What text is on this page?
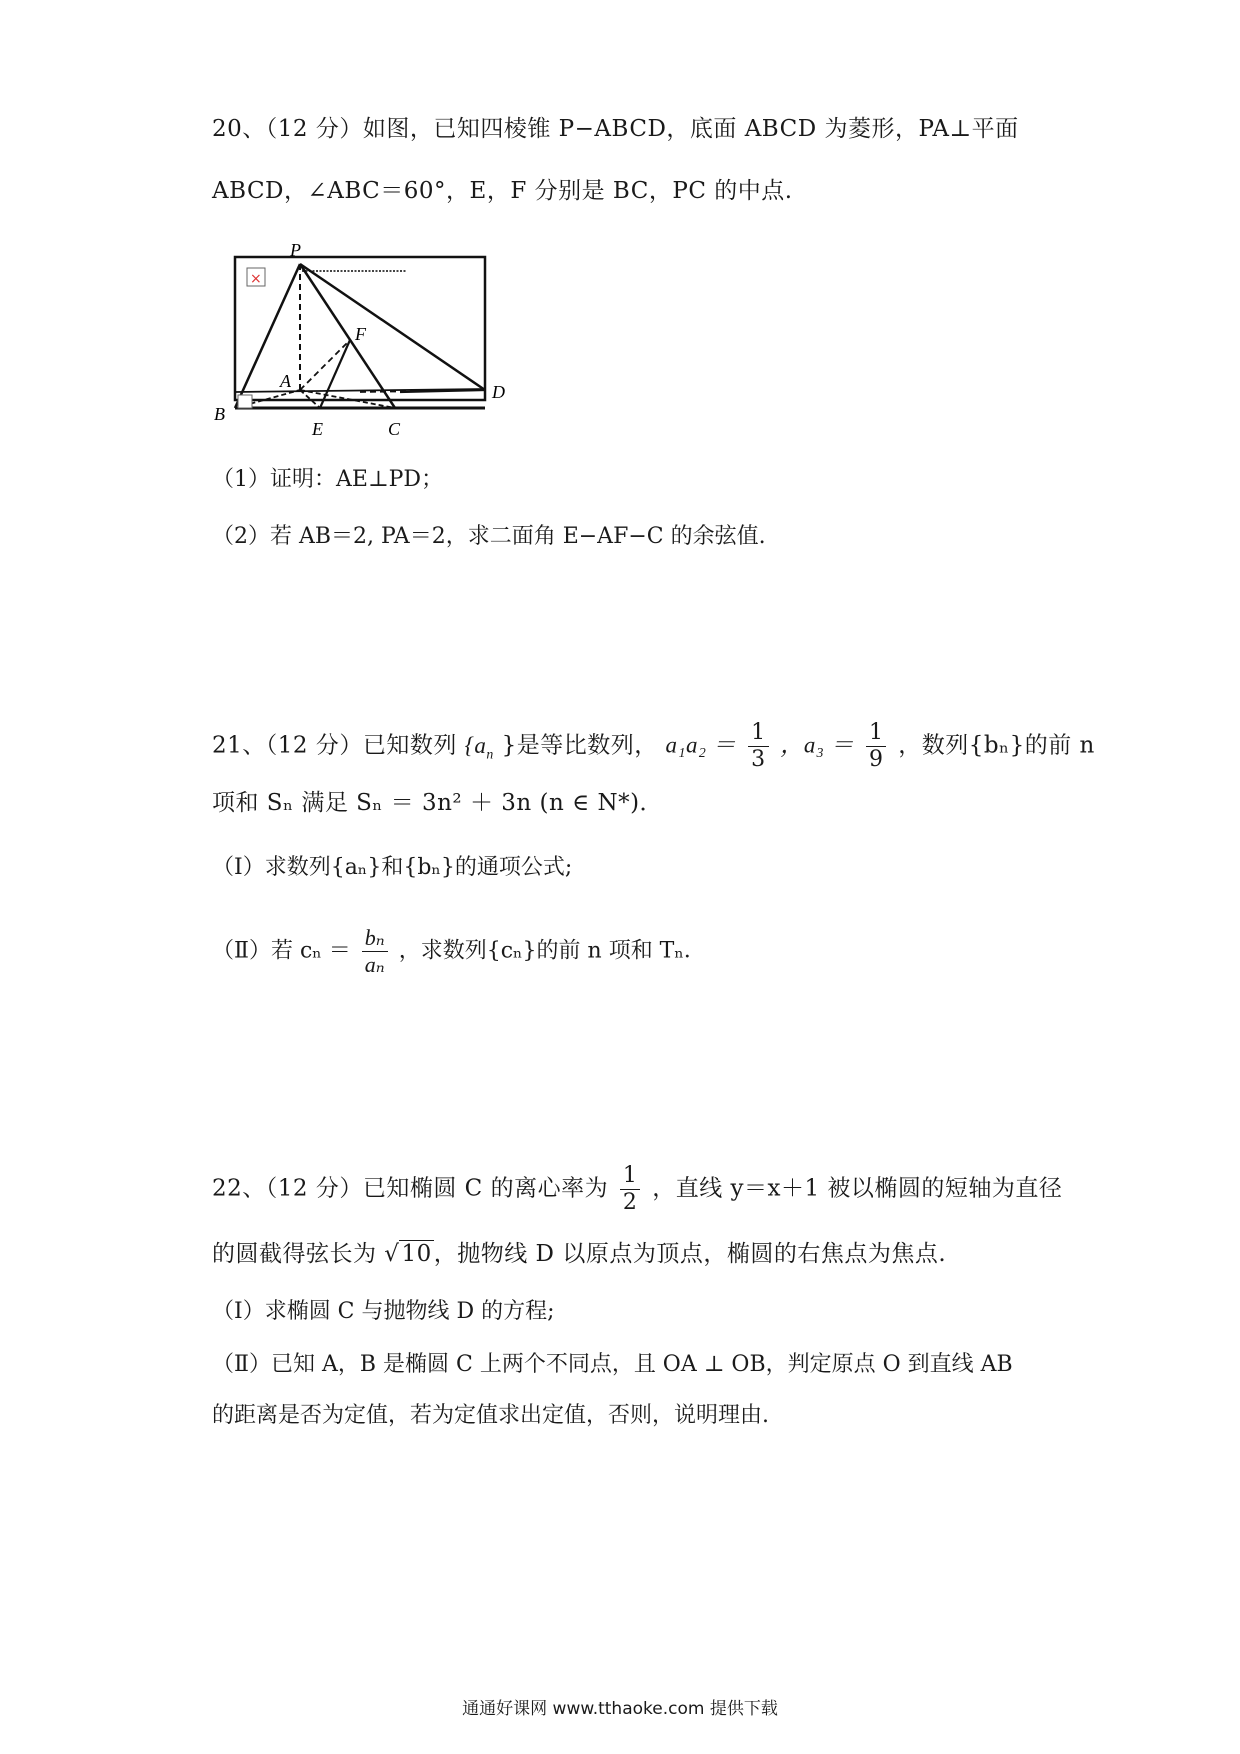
20、（12 分）如图，已知四棱锥 P−ABCD，底面 ABCD 为菱形，PA⊥平面
ABCD，∠ABC＝60°，E，F 分别是 BC，PC 的中点.
×
P
F
A
D
B
E	C
（1）证明：AE⊥PD；
（2）若 AB＝2, PA＝2，求二面角 E−AF−C 的余弦值.
21、（12 分）已知数列 {$a_n$ }是等比数列， $a_1a_2 = \frac{1}{3}$ ，$a_3 = \frac{1}{9}$ ，数列{bₙ}的前 n
项和 Sₙ 满足 Sₙ ＝ 3n² ＋ 3n (n ∈ N*)．
（Ⅰ）求数列{aₙ}和{bₙ}的通项公式;
（Ⅱ）若 $c_n = \frac{\text{bₙ}}{\text{aₙ}}$ ，求数列{cₙ}的前 n 项和 Tₙ．
22、（12 分）已知椭圆 C 的离心率为 $\frac{1}{2}$ ，直线 y＝x＋1 被以椭圆的短轴为直径
的圆截得弦长为 √10，抛物线 D 以原点为顶点，椭圆的右焦点为焦点.
（Ⅰ）求椭圆 C 与抛物线 D 的方程;
（Ⅱ）已知 A，B 是椭圆 C 上两个不同点，且 OA ⊥ OB，判定原点 O 到直线 AB
的距离是否为定值，若为定值求出定值，否则，说明理由.
通通好课网 www.tthaoke.com 提供下载
